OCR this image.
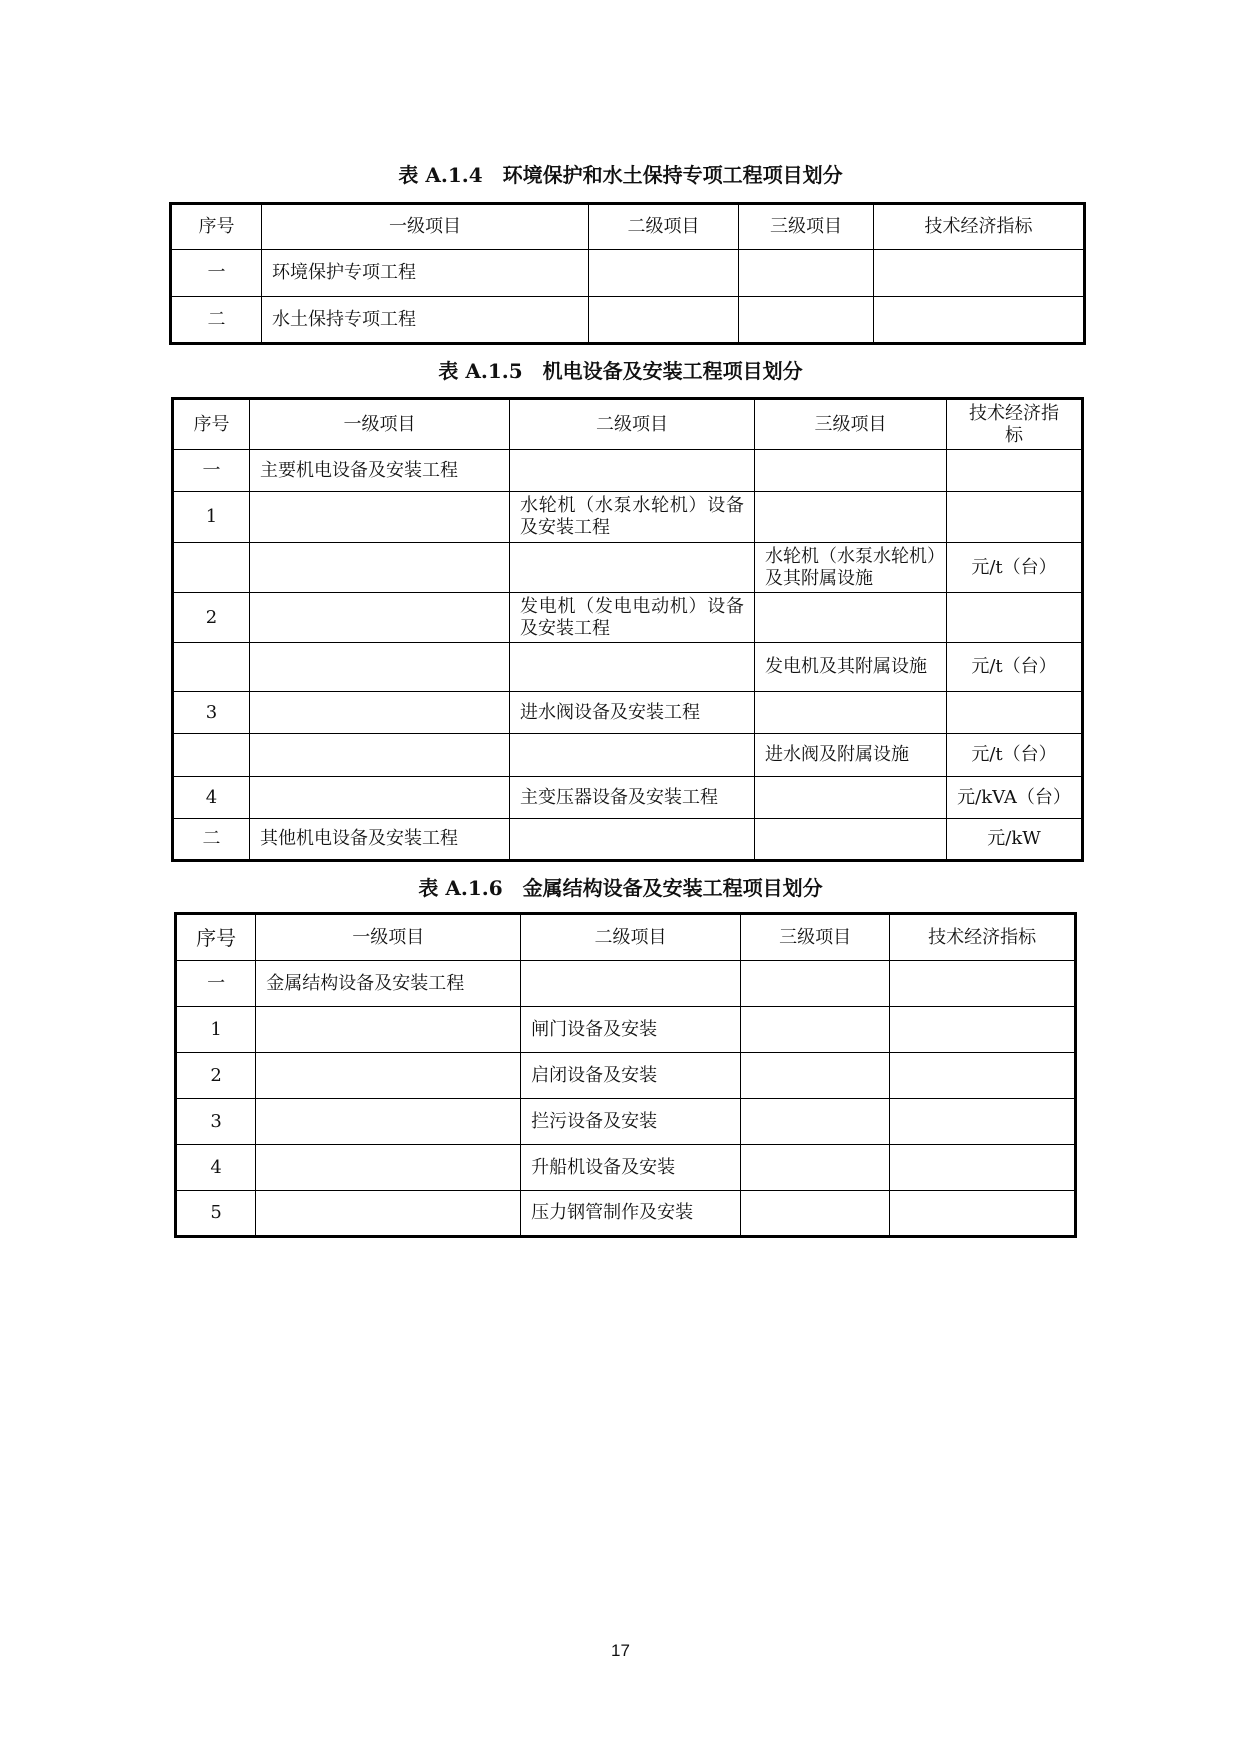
表 A.1.4　环境保护和水土保持专项工程项目划分
序号	一级项目	二级项目	三级项目	技术经济指标
一	环境保护专项工程			
二	水土保持专项工程			
表 A.1.5　机电设备及安装工程项目划分
序号	一级项目	二级项目	三级项目	技术经济指标
一	主要机电设备及安装工程			
1		水轮机（水泵水轮机）设备及安装工程		
			水轮机（水泵水轮机）及其附属设施	元/t（台）
2		发电机（发电电动机）设备及安装工程		
			发电机及其附属设施	元/t（台）
3		进水阀设备及安装工程		
			进水阀及附属设施	元/t（台）
4		主变压器设备及安装工程		元/kVA（台）
二	其他机电设备及安装工程			元/kW
表 A.1.6　金属结构设备及安装工程项目划分
序号	一级项目	二级项目	三级项目	技术经济指标
一	金属结构设备及安装工程			
1		闸门设备及安装		
2		启闭设备及安装		
3		拦污设备及安装		
4		升船机设备及安装		
5		压力钢管制作及安装		
17
